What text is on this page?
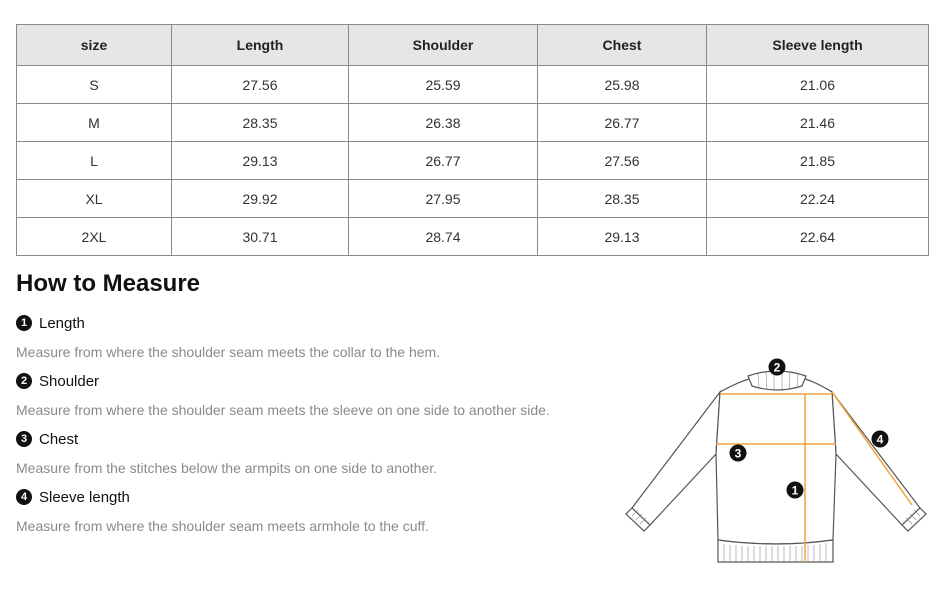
size	Length	Shoulder	Chest	Sleeve length
S	27.56	25.59	25.98	21.06
M	28.35	26.38	26.77	21.46
L	29.13	26.77	27.56	21.85
XL	29.92	27.95	28.35	22.24
2XL	30.71	28.74	29.13	22.64
How to Measure
1 Length
Measure from where the shoulder seam meets the collar to the hem.
2 Shoulder
Measure from where the shoulder seam meets the sleeve on one side to another side.
3 Chest
Measure from the stitches below the armpits on one side to another.
4 Sleeve length
Measure from where the shoulder seam meets armhole to the cuff.
1
2
3
4
